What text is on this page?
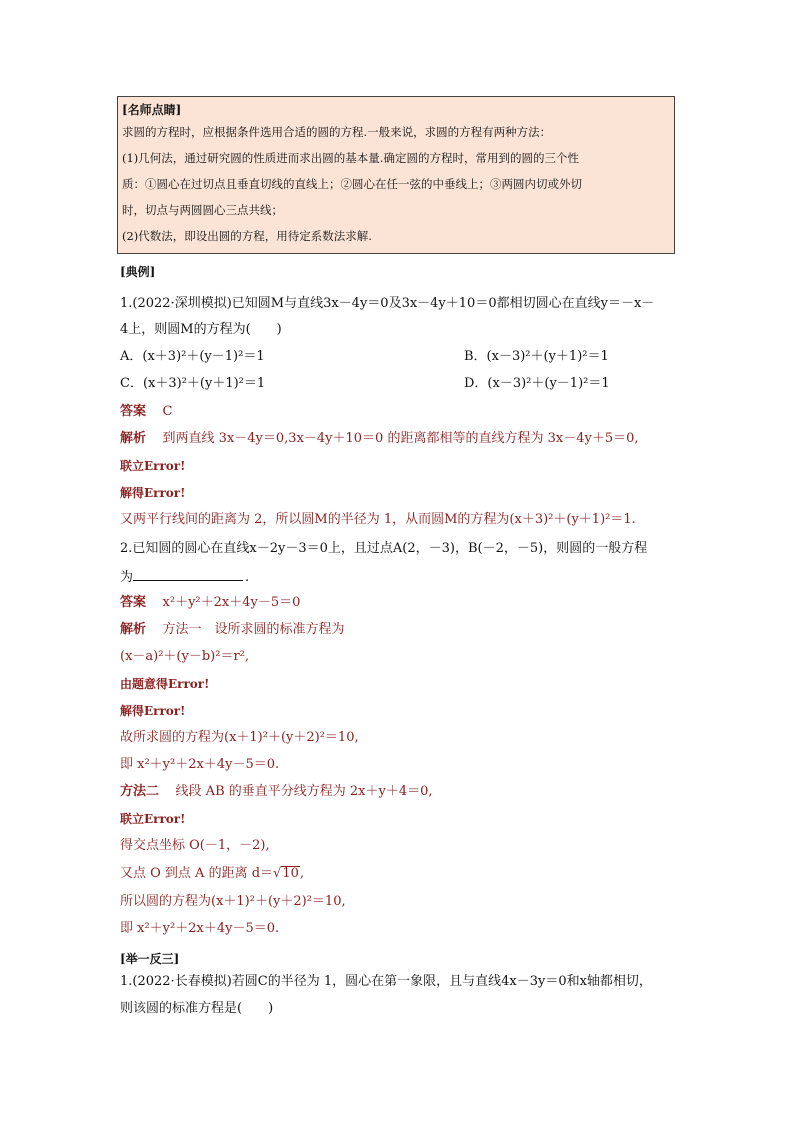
[名师点睛]
求圆的方程时，应根据条件选用合适的圆的方程.一般来说，求圆的方程有两种方法：
(1)几何法，通过研究圆的性质进而求出圆的基本量.确定圆的方程时，常用到的圆的三个性
质：①圆心在过切点且垂直切线的直线上；②圆心在任一弦的中垂线上；③两圆内切或外切
时，切点与两圆圆心三点共线；
(2)代数法，即设出圆的方程，用待定系数法求解.
[典例]
1.(2022·深圳模拟)已知圆M与直线3x－4y＝0及3x－4y＋10＝0都相切圆心在直线y＝－x－
4上，则圆M的方程为(　　)
A．(x＋3)²＋(y－1)²＝1	B．(x－3)²＋(y＋1)²＝1
C．(x＋3)²＋(y＋1)²＝1	D．(x－3)²＋(y－1)²＝1
答案 C
解析 到两直线 3x－4y＝0,3x－4y＋10＝0 的距离都相等的直线方程为 3x－4y＋5＝0,
联立Error!
解得Error!
又两平行线间的距离为 2，所以圆M的半径为 1，从而圆M的方程为(x＋3)²＋(y＋1)²＝1.
2.已知圆的圆心在直线x－2y－3＝0上，且过点A(2，－3)，B(－2，－5)，则圆的一般方程
为	.
答案 x²＋y²＋2x＋4y－5＝0
解析 方法一　设所求圆的标准方程为
(x－a)²＋(y－b)²＝r²,
由题意得Error!
解得Error!
故所求圆的方程为(x＋1)²＋(y＋2)²＝10,
即 x²＋y²＋2x＋4y－5＝0.
方法二 线段 AB 的垂直平分线方程为 2x＋y＋4＝0,
联立Error!
得交点坐标 O(－1，－2),
又点 O 到点 A 的距离 d＝√10,
所以圆的方程为(x＋1)²＋(y＋2)²＝10,
即 x²＋y²＋2x＋4y－5＝0.
[举一反三]
1.(2022·长春模拟)若圆C的半径为 1，圆心在第一象限，且与直线4x－3y＝0和x轴都相切，
则该圆的标准方程是(　　)
